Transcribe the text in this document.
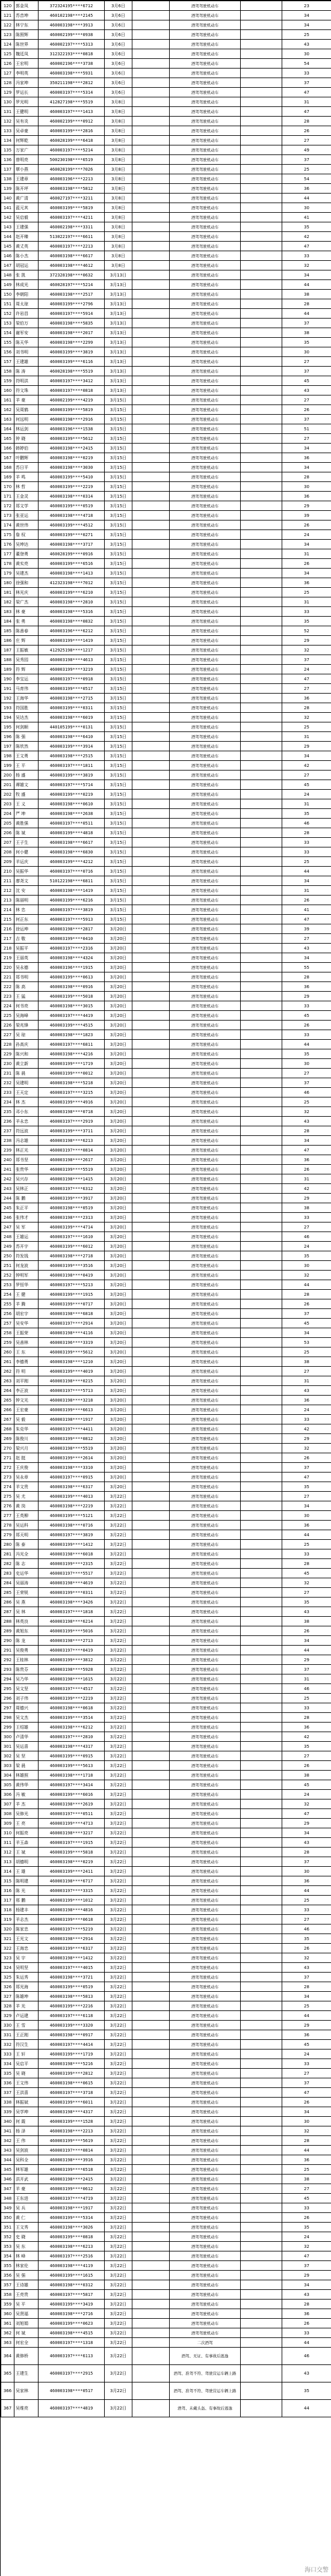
120	郭金凤	372324195****6712	3月6日		酒驾驾驶机动车		23
121	苏音坤	460102198****2145	3月6日		酒驾驾驶机动车		34
122	林宁东	460003198****3913	3月6日		酒驾驾驶机动车		34
123	陈照辉	460002199****0938	3月6日		酒驾驾驶机动车		25
124	陈世界	460002197****5313	3月6日		酒驾驾驶机动车		43
125	魏廷凤	312322193****0818	3月6日		酒驾驾驶机动车		30
126	王宏明	460002196****3738	3月6日		酒驾驾驶机动车		54
127	李明英	460003198****5931	3月6日		酒驾驾驶机动车		33
128	冯家坤	350211198****2812	3月6日		酒驾驾驶机动车		37
129	罗运长	460003197****5314	3月6日		酒驾驾驶机动车		47
130	罗光明	412827198****5519	3月8日		酒驾驾驶机动车		31
131	王健明	460003197****1413	3月8日		酒驾驾驶机动车		47
132	吴有炎	460002199****0912	3月8日		酒驾驾驶机动车		28
133	吴卓豪	460003199****2816	3月8日		酒驾驾驶机动车		26
134	何辉乾	460028199****6418	3月8日		酒驾驾驶机动车		27
135	万家广	460003197****5214	3月8日		酒驾驾驶机动车		49
136	曾明亮	500230198****6519	3月8日		酒驾驾驶机动车		37
137	覃小燕	460028199****7026	3月8日		酒驾驾驶机动车		25
138	王建章	460003196****2213	3月8日		酒驾驾驶机动车		54
139	陈开坪	460003198****5812	3月8日		酒驾驾驶机动车		36
140	黄广清	460027197****3211	3月8日		酒驾驾驶机动车		44
141	蓝元其	460003199****5819	3月8日		酒驾驾驶机动车		30
142	吴启毅	460003197****4211	3月8日		酒驾驾驶机动车		41
143	王建强	460002198****3311	3月8日		酒驾驾驶机动车		35
144	赵开臻	513022197****6611	3月8日		酒驾驾驶机动车		42
145	黄丈英	460003197****2213	3月8日		酒驾驾驶机动车		47
146	陈小杰	460003198****6617	3月8日		酒驾驾驶机动车		33
147	胡冠运	460003198****4612	3月8日		酒驾驾驶机动车		32
148	张 凯	372328198****0632	3月13日		酒驾驾驶机动车		34
149	林成光	460028197****5214	3月13日		酒驾驾驶机动车		44
150	李朝阳	460003198****2517	3月13日		酒驾驾驶机动车		38
151	周太琼	460003199****2796	3月13日		酒驾驾驶机动车		28
152	许岩昌	460003197****5914	3月13日		酒驾驾驶机动车		44
153	梁伯万	460003198****5835	3月13日		酒驾驾驶机动车		37
154	谢军安	460003198****2017	3月13日		酒驾驾驶机动车		38
155	陈天华	460003198****2299	3月13日		酒驾驾驶机动车		35
156	刘书明	460003199****3819	3月13日		酒驾驾驶机动车		30
157	王建雄	460003199****6116	3月13日		酒驾驾驶机动车		27
158	陈 涛	460028198****5519	3月13日		酒驾驾驶机动车		37
159	符明洪	460003197****3412	3月13日		酒驾驾驶机动车		45
160	符文珠	460003197****0818	3月13日		酒驾驾驶机动车		43
161	羊 豪	460002199****4219	3月15日		酒驾驾驶机动车		27
162	吴周鹤	460003199****5819	3月15日		酒驾驾驶机动车		26
163	何远明	460003198****2916	3月15日		酒驾驾驶机动车		37
164	林运剑	460003196****1538	3月15日		酒驾驾驶机动车		51
165	钟 晓	460003199****5612	3月15日		酒驾驾驶机动车		27
166	韩婷伯	460003198****2415	3月15日		酒驾驾驶机动车		34
167	叶鹏辉	460003198****0219	3月15日		酒驾驾驶机动车		36
168	苏日平	460003198****3030	3月15日		酒驾驾驶机动车		34
169	羊 鸣	460003199****5410	3月15日		酒驾驾驶机动车		28
170	林 哲	460003199****2219	3月15日		酒驾驾驶机动车		30
171	王金灵	460003198****0314	3月15日		酒驾驾驶机动车		36
172	郑文学	460003199****0519	3月15日		酒驾驾驶机动车		29
173	张亚运	460003198****4718	3月15日		酒驾驾驶机动车		39
174	黄世伟	460003199****4512	3月15日		酒驾驾驶机动车		26
175	詹 权	460003199****0271	3月15日		酒驾驾驶机动车		24
176	吴坤达	460003198****3717	3月15日		酒驾驾驶机动车		34
177	董登勇	460028199****0916	3月15日		酒驾驾驶机动车		31
178	黄实亮	460003199****6516	3月15日		酒驾驾驶机动车		26
179	吴建杰	460003198****1413	3月15日		酒驾驾驶机动车		34
180	徐强和	412323198****7012	3月15日		酒驾驾驶机动车		36
181	林光庆	460003199****6210	3月15日		酒驾驾驶机动车		25
182	梁广杰	460003198****2810	3月15日		酒驾驾驶机动车		31
183	林 豪	460003198****5316	3月15日		酒驾驾驶机动车		33
184	张 勇	460003198****0832	3月15日		酒驾驾驶机动车		35
185	陈善春	460003196****6212	3月15日		酒驾驾驶机动车		52
186	庄 辉	460003199****1419	3月15日		酒驾驾驶机动车		29
187	王振敏	412925198****1217	3月15日		酒驾驾驶机动车		32
188	吴秀园	460003198****4613	3月15日		酒驾驾驶机动车		37
189	符 辉	460003199****3219	3月15日		酒驾驾驶机动车		24
190	李宝运	460003197****0918	3月15日		酒驾驾驶机动车		47
191	马育伟	460003199****0517	3月15日		酒驾驾驶机动车		27
192	王海华	460003198****2715	3月15日		酒驾驾驶机动车		36
193	符国胜	460003199****0311	3月15日		酒驾驾驶机动车		28
194	吴达杰	460003198****6019	3月15日		酒驾驾驶机动车		32
195	何剑顺	440105199****0131	3月15日		酒驾驾驶机动车		25
196	陈 强	460003198****6410	3月15日		酒驾驾驶机动车		31
197	陈欣然	460003199****3914	3月15日		酒驾驾驶机动车		29
198	王文勇	460003198****2515	3月15日		酒驾驾驶机动车		34
199	王 平	460003197****1811	3月15日		酒驾驾驶机动车		42
200	杨 盛	460003199****3819	3月15日		酒驾驾驶机动车		27
201	谭雄文	460003197****5714	3月15日		酒驾驾驶机动车		45
202	牧 盛	460003199****0219	3月15日		酒驾驾驶机动车		24
203	王 义	460003198****0610	3月15日		酒驾驾驶机动车		31
204	严 坤	460003198****2638	3月15日		酒驾驾驶机动车		35
205	黄胜强	460003197****0511	3月15日		酒驾驾驶机动车		46
206	陈 斌	460003199****4818	3月15日		酒驾驾驶机动车		28
207	王子生	460003198****6617	3月15日		酒驾驾驶机动车		33
208	何小健	460003198****6830	3月15日		酒驾驾驶机动车		33
209	羊运庆	460003199****4212	3月15日		酒驾驾驶机动车		25
210	吴振华	460003197****0716	3月15日		酒驾驾驶机动车		44
211	廖尧文	510122198****6811	3月15日		酒驾驾驶机动车		34
212	沈 安	460003198****1419	3月15日		酒驾驾驶机动车		31
213	陈丽明	460003199****6216	3月15日		酒驾驾驶机动车		26
214	林 忠	460003197****3819	3月15日		酒驾驾驶机动车		41
215	何正东	460003197****5913	3月15日		酒驾驾驶机动车		47
216	徐运坤	460003198****2817	3月20日		酒驾驾驶机动车		39
217	吉 敬	460003199****0410	3月20日		酒驾驾驶机动车		27
218	吴振平	460003197****2316	3月20日		酒驾驾驶机动车		43
219	王丽英	460003198****4324	3月20日		酒驾驾驶机动车		34
220	吴永德	460003196****1915	3月20日		酒驾驾驶机动车		55
221	郑书明	460003199****0613	3月20日		酒驾驾驶机动车		28
222	陈 高	460003198****0916	3月20日		酒驾驾驶机动车		36
223	王 猛	460003199****5018	3月20日		酒驾驾驶机动车		29
224	何书亮	460003198****3015	3月20日		酒驾驾驶机动车		33
225	吴海峰	460003197****4419	3月20日		酒驾驾驶机动车		45
226	梁兆锋	460003199****4515	3月20日		酒驾驾驶机动车		26
227	吴 琼	460003198****1823	3月20日		酒驾驾驶机动车		33
228	孙高庆	460003197****6811	3月20日		酒驾驾驶机动车		44
229	陈兴和	460003198****4216	3月20日		酒驾驾驶机动车		35
230	黄立新	460003199****1719	3月20日		酒驾驾驶机动车		30
231	陈 晨	460003199****0012	3月20日		酒驾驾驶机动车		27
232	吴建明	460003198****5218	3月20日		酒驾驾驶机动车		37
233	王天定	460003197****3215	3月20日		酒驾驾驶机动车		46
234	林 杰	460003199****4916	3月20日		酒驾驾驶机动车		25
235	邓小东	460003198****0718	3月20日		酒驾驾驶机动车		32
236	羊永忠	460003197****2919	3月20日		酒驾驾驶机动车		43
237	符远波	460003199****3711	3月20日		酒驾驾驶机动车		28
238	冯志雄	460003198****6213	3月20日		酒驾驾驶机动车		34
239	林正光	460003197****0814	3月20日		酒驾驾驶机动车		47
240	郑书坚	460003198****2617	3月20日		酒驾驾驶机动车		36
241	张贵华	460003199****5519	3月20日		酒驾驾驶机动车		26
242	吴兴存	460003198****1415	3月20日		酒驾驾驶机动车		31
243	吴林正	460003197****6312	3月20日		酒驾驾驶机动车		42
244	陈 鹏	460003199****3917	3月20日		酒驾驾驶机动车		29
245	朱正平	460003198****0519	3月20日		酒驾驾驶机动车		38
246	张伟才	460003198****2313	3月20日		酒驾驾驶机动车		33
247	吴 军	460003199****4714	3月20日		酒驾驾驶机动车		27
248	王雄运	460003197****1610	3月20日		酒驾驾驶机动车		46
249	苏开宇	460003199****6012	3月20日		酒驾驾驶机动车		24
250	符发钱	460003198****2718	3月20日		酒驾驾驶机动车		35
251	何龙波	460003199****3516	3月20日		酒驾驾驶机动车		30
252	钟明军	460003198****0419	3月20日		酒驾驾驶机动车		32
253	罗恒华	460003197****5213	3月20日		酒驾驾驶机动车		44
254	王 健	460003199****1915	3月20日		酒驾驾驶机动车		28
255	羊 腾	460003199****0717	3月20日		酒驾驾驶机动车		26
256	胡宏宇	460003198****6818	3月20日		酒驾驾驶机动车		37
257	吴安华	460003197****2914	3月20日		酒驾驾驶机动车		45
258	王振荣	460003198****4116	3月20日		酒驾驾驶机动车		34
259	吴善林	460003196****3319	3月20日		酒驾驾驶机动车		53
260	王 东	460003199****5612	3月20日		酒驾驾驶机动车		25
261	李德勇	460003198****1210	3月20日		酒驾驾驶机动车		38
262	符 明	460003199****4019	3月20日		酒驾驾驶机动车		27
263	刘平刚	460003198****0215	3月20日		酒驾驾驶机动车		31
264	李正波	460003197****5713	3月20日		酒驾驾驶机动车		43
265	钟文光	460003198****3218	3月20日		酒驾驾驶机动车		36
266	王宏豪	460003199****6613	3月20日		酒驾驾驶机动车		24
267	吴 毅	460003198****1917	3月20日		酒驾驾驶机动车		33
268	朱克华	460003197****4411	3月20日		酒驾驾驶机动车		42
269	陈俊川	460003199****0812	3月20日		酒驾驾驶机动车		29
270	梁兴月	460003198****5519	3月20日		酒驾驾驶机动车		32
271	赵 挺	460003199****2614	3月20日		酒驾驾驶机动车		26
272	王庆俊	460003198****3310	3月20日		酒驾驾驶机动车		37
273	吴永章	460003197****0915	3月20日		酒驾驾驶机动车		47
274	羊文贵	460003198****6317	3月20日		酒驾驾驶机动车		35
275	吴 尤	460003199****4013	3月22日		酒驾驾驶机动车		27
276	黄 岗	460003198****2219	3月22日		酒驾驾驶机动车		34
277	王英柳	460003199****5121	3月22日		酒驾驾驶机动车		30
278	吴运科	460003198****0716	3月22日		酒驾驾驶机动车		36
279	郑天明	460003197****3819	3月22日		酒驾驾驶机动车		44
280	陈 泰	460003199****1412	3月22日		酒驾驾驶机动车		25
281	冯光全	460003198****6018	3月22日		酒驾驾驶机动车		33
282	陈 志	460003199****2315	3月22日		酒驾驾驶机动车		28
283	史运华	460003197****5517	3月22日		酒驾驾驶机动车		45
284	吴丽涛	460003198****4619	3月22日		酒驾驾驶机动车		32
285	王荣锐	460003199****0311	3月22日		酒驾驾驶机动车		27
286	吴 燕	460003198****3426	3月22日		酒驾驾驶机动车		35
287	吴 林	460003197****1818	3月22日		酒驾驾驶机动车		43
288	林英良	460003198****6214	3月22日		酒驾驾驶机动车		38
289	黄旭东	460003199****5016	3月22日		酒驾驾驶机动车		26
290	陈 龙	460003198****2713	3月22日		酒驾驾驶机动车		34
291	吴俊勇	460003197****0419	3月22日		酒驾驾驶机动车		44
292	王桂林	460003199****3812	3月22日		酒驾驾驶机动车		29
293	陈贵芬	460003198****5928	3月22日		酒驾驾驶机动车		37
294	吴乃华	460003198****1615	3月22日		酒驾驾驶机动车		31
295	吴文坚	460003197****4517	3月22日		酒驾驾驶机动车		46
296	刘子伟	460003199****2219	3月22日		酒驾驾驶机动车		25
297	周德兴	460003198****0618	3月22日		酒驾驾驶机动车		33
298	吴文杰	460003199****3514	3月22日		酒驾驾驶机动车		28
299	王绍雄	460003198****6212	3月22日		酒驾驾驶机动车		36
300	卢清华	460003197****2810	3月22日		酒驾驾驶机动车		42
301	吴运喜	460003198****4317	3月22日		酒驾驾驶机动车		35
302	吴 坚	460003199****0915	3月22日		酒驾驾驶机动车		27
303	梁 晨	460003199****5613	3月22日		酒驾驾驶机动车		26
304	林雄照	460003198****1718	3月22日		酒驾驾驶机动车		38
305	黄伟华	460003197****3414	3月22日		酒驾驾驶机动车		45
306	冯 敏	460003199****6016	3月22日		酒驾驾驶机动车		24
307	羊 杰	460003198****2619	3月22日		酒驾驾驶机动车		32
308	吴修光	460003197****0511	3月22日		酒驾驾驶机动车		47
309	王 亮	460003199****4713	3月22日		酒驾驾驶机动车		29
310	何振亮	460003198****3217	3月22日		酒驾驾驶机动车		34
311	羊玉森	460003197****1915	3月22日		酒驾驾驶机动车		43
312	王 斌	460003199****5818	3月22日		酒驾驾驶机动车		28
313	胡德明	460003198****0219	3月22日		酒驾驾驶机动车		37
314	王 雄	460003199****2411	3月22日		酒驾驾驶机动车		30
315	陈明建	460003198****6717	3月22日		酒驾驾驶机动车		36
316	陈 光	460003197****3315	3月22日		酒驾驾驶机动车		44
317	邢 鹏	460003199****1012	3月22日		酒驾驾驶机动车		25
318	杨建丰	460003198****4816	3月22日		酒驾驾驶机动车		33
319	羊志杰	460003199****0618	3月22日		酒驾驾驶机动车		27
320	陈家忠	460003197****5219	3月22日		酒驾驾驶机动车		46
321	王光文	460003198****2914	3月22日		酒驾驾驶机动车		35
322	王海忠	460003199****6317	3月22日		酒驾驾驶机动车		26
323	吴 宇	460003198****1412	3月22日		酒驾驾驶机动车		32
324	吴明坚	460003197****4015	3月22日		酒驾驾驶机动车		43
325	朱运秀	460003198****3721	3月22日		酒驾驾驶机动车		37
326	郑光海	460003199****0519	3月22日		酒驾驾驶机动车		28
327	陈雄坤	460003198****5813	3月22日		酒驾驾驶机动车		34
328	羊 光	460003199****2216	3月22日		酒驾驾驶机动车		25
329	卢运建	460003197****6118	3月22日		酒驾驾驶机动车		44
330	王 雪	460003199****3320	3月22日		酒驾驾驶机动车		29
331	王正刚	460003198****0917	3月22日		酒驾驾驶机动车		36
332	符汉生	460003197****4414	3月22日		酒驾驾驶机动车		45
333	王 轩	460003199****1719	3月22日		酒驾驾驶机动车		24
334	吴启平	460003198****5216	3月22日		酒驾驾驶机动车		33
335	吴 晓	460003199****2812	3月22日		酒驾驾驶机动车		27
336	王文伟	460003198****0615	3月22日		酒驾驾驶机动车		37
337	王洪喜	460003197****3718	3月22日		酒驾驾驶机动车		47
338	林振斌	460003199****6011	3月22日		酒驾驾驶机动车		26
339	吴学坤	460003198****4317	3月22日		酒驾驾驶机动车		34
340	何 霞	460003199****1528	3月22日		酒驾驾驶机动车		30
341	杨 泽	460003198****2213	3月22日		酒驾驾驶机动车		32
342	王 伟	460003199****5619	3月22日		酒驾驾驶机动车		28
343	吴剑波	460003197****0814	3月22日		酒驾驾驶机动车		44
344	吴科全	460003198****3916	3月22日		酒驾驾驶机动车		36
345	林军雄	460003199****6518	3月22日		酒驾驾驶机动车		25
346	洪开武	460003198****2415	3月22日		酒驾驾驶机动车		38
347	羊 豪	460003199****0612	3月22日		酒驾驾驶机动车		27
348	王东进	460003197****4719	3月22日		酒驾驾驶机动车		45
349	吴 兵	460003198****1917	3月22日		酒驾驾驶机动车		33
350	黄 仁	460003199****5314	3月22日		酒驾驾驶机动车		26
351	王文秀	460003198****3026	3月22日		酒驾驾驶机动车		35
352	史 晓	460003199****0818	3月22日		酒驾驾驶机动车		24
353	吴 东	460003198****6213	3月22日		酒驾驾驶机动车		32
354	林 峰	460003197****2516	3月22日		酒驾驾驶机动车		47
355	林家伦	460003198****4119	3月22日		酒驾驾驶机动车		37
356	吴 强	460003199****1615	3月22日		酒驾驾驶机动车		29
357	王诗雄	460003198****0312	3月22日		酒驾驾驶机动车		34
358	王亮贵	460003197****5817	3月22日		酒驾驾驶机动车		43
359	吴 平	460003199****3419	3月22日		酒驾驾驶机动车		28
360	吴贤福	460003198****2716	3月22日		酒驾驾驶机动车		36
361	刘旭娟	460003199****0623	3月22日		酒驾驾驶机动车		26
362	何 斌	460003198****4515	3月22日		酒驾驾驶机动车		33
363	何宏全	460003197****1318	3月22日		二次酒驾		44
364	黄修桥	460003197****6113	3月22日		酒驾、无证、有事故后逃逸		46
365	王建生	460003197****2915	3月22日		酒驾、准驾不符、驾驶营运车辆上路		43
366	吴家林	460003198****0517	3月22日		酒驾、准驾不符、驾驶营运车辆上路		35
367	吴维亮	460003197****4819	3月22日		酒驾、未戴头盔、有事故后逃逸		44
海口交警
